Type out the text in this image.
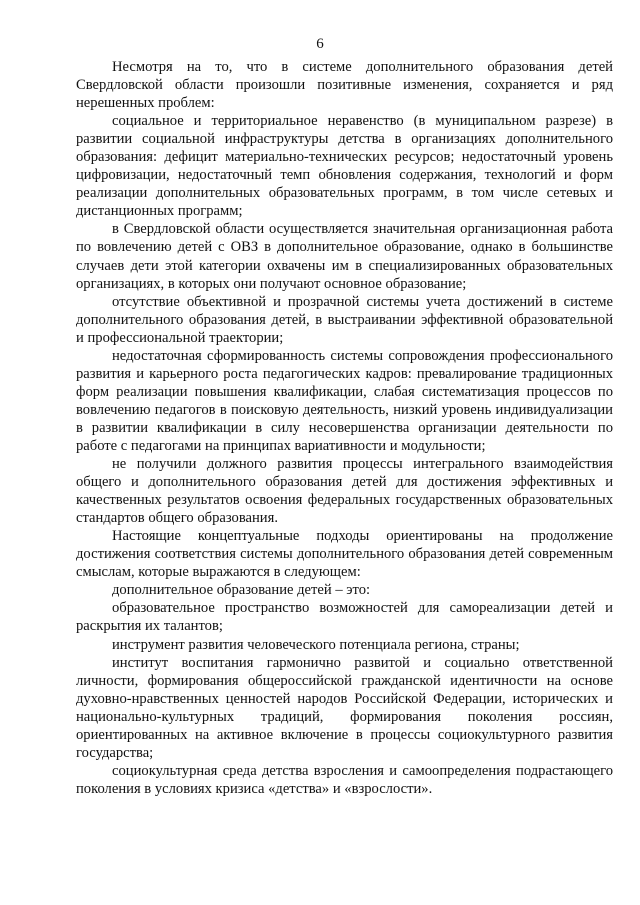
6

Несмотря на то, что в системе дополнительного образования детей Свердловской области произошли позитивные изменения, сохраняется и ряд нерешенных проблем:

социальное и территориальное неравенство (в муниципальном разрезе) в развитии социальной инфраструктуры детства в организациях дополнительного образования: дефицит материально-технических ресурсов; недостаточный уровень цифровизации, недостаточный темп обновления содержания, технологий и форм реализации дополнительных образовательных программ, в том числе сетевых и дистанционных программ;

в Свердловской области осуществляется значительная организационная работа по вовлечению детей с ОВЗ в дополнительное образование, однако в большинстве случаев дети этой категории охвачены им в специализированных образовательных организациях, в которых они получают основное образование;

отсутствие объективной и прозрачной системы учета достижений в системе дополнительного образования детей, в выстраивании эффективной образовательной и профессиональной траектории;

недостаточная сформированность системы сопровождения профессионального развития и карьерного роста педагогических кадров: превалирование традиционных форм реализации повышения квалификации, слабая систематизация процессов по вовлечению педагогов в поисковую деятельность, низкий уровень индивидуализации в развитии квалификации в силу несовершенства организации деятельности по работе с педагогами на принципах вариативности и модульности;

не получили должного развития процессы интегрального взаимодействия общего и дополнительного образования детей для достижения эффективных и качественных результатов освоения федеральных государственных образовательных стандартов общего образования.

Настоящие концептуальные подходы ориентированы на продолжение достижения соответствия системы дополнительного образования детей современным смыслам, которые выражаются в следующем:

дополнительное образование детей – это:

образовательное пространство возможностей для самореализации детей и раскрытия их талантов;

инструмент развития человеческого потенциала региона, страны;

институт воспитания гармонично развитой и социально ответственной личности, формирования общероссийской гражданской идентичности на основе духовно-нравственных ценностей народов Российской Федерации, исторических и национально-культурных традиций, формирования поколения россиян, ориентированных на активное включение в процессы социокультурного развития государства;

социокультурная среда детства взросления и самоопределения подрастающего поколения в условиях кризиса «детства» и «взрослости».
